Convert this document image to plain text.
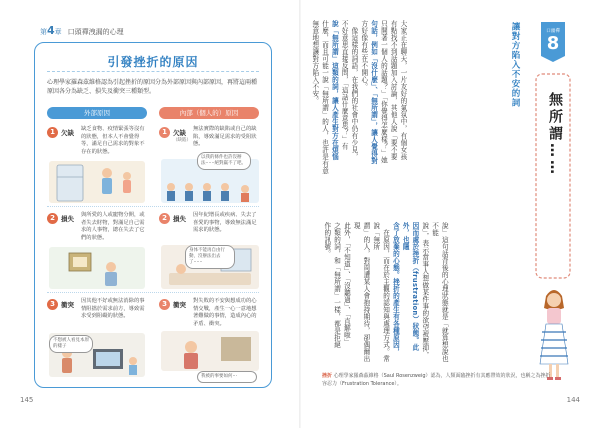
第4章 口頭禪洩漏的心理
引發挫折的原因
心理學家羅森茲維格認為引起挫折的原因分為外部原因與內部原因，再將這兩種原因各分為缺乏、損失及衝突三種類型。
外部原因	內部（個人的）原因
1 欠缺 缺乏食物、疫情緊張等沒有的狀態，但本人不會覺得等，滿足自己需求的對象不存在的狀態。
1 欠缺
（缺陷）
無法實際的缺陷或自己的缺陷，導致滿足需求的受阻狀態。
以我的條件也許沒辦法⋯⋯絕對贏不了吧。
2 損失 與所愛的人或寵物分開，或者失去財物，對滿足自己需求的人事物，總在失去了它們的狀態。
2 損失 因年紀增長或疾病、失去了喜愛的事物，導致無法滿足需求的狀態。
身体不能再自由行動，沒辦法出去了⋯⋯
3 衝突 因其他不好或無法消除的事情阻擋於需求前方，導致需求受到阻礙的狀態。
不想被人看見本原的樣子
3 衝突 對失敗的不安與想成功的心情交戰，產生一心一意地想著難做的事情，造成內心的矛盾、衝突。
我被的事要如何⋯
145
大家正在聊天，一片友好的氣氛中，有個女孩
有點找不到話題加入討論，其他人說「要不要
只開著一個人的話題？」「你覺得怎麼樣？」她
句話，例如「沒什麼」、「無所謂」，讓人覺得對
方好像有些在不開心。
　像這樣的詞語，在我們的社會中仍有少見，
不好意思直接反問，「這話什麼意思？」有
說「無所謂」這類的詞，讓人產生對方在煩惱
什麼，而且可能一說「無所謂」的人，也許是有意
無意地想讓對方陷入不安。	讓對方陷入不安的詞
說」這句話背後的心理狀態就是「就算想說也不能
說」，表示當事人想做某件事的欲望被壓抑，
因而處於挫折（frustration）狀態。此外，也隱
含了放棄的心態。挫折的產生有各種原因，
　在原因，而在於主觀的認知與處理方式。常說「無所
謂」的人，對周遭某人會抱持期待，卻偶爾出現
此外，「不知道」、「沒聽過」、「直解啦」
之類的詞，和「無所謂」一樣，都是拒絕
作的訊號。
口頭禪
8
無所謂……
挫折 心理學家羅森茲維格（Saul Rosenzweig）認為，人類面臨挫折有其應帶效的狀況，也稱之為挫折容忍力（Frustration Tolerance）。
144
